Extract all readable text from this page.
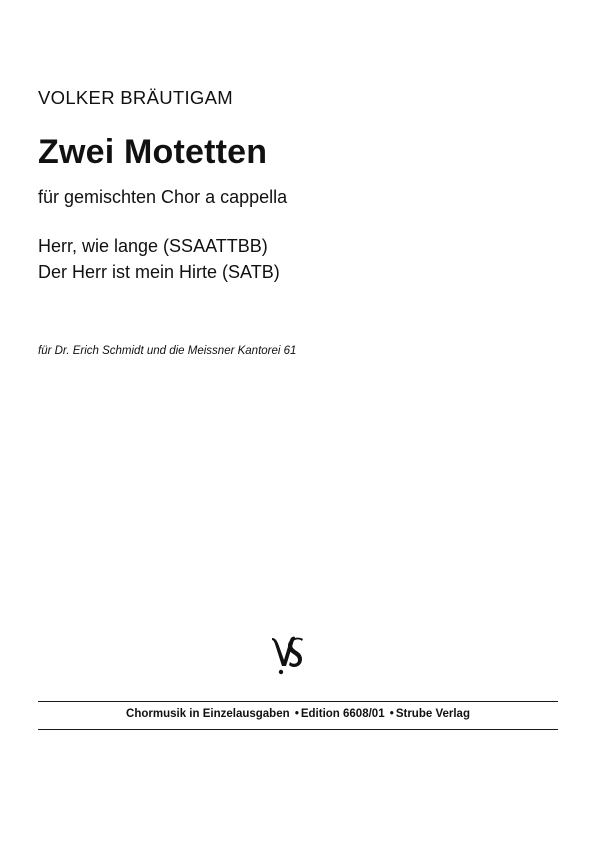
VOLKER BRÄUTIGAM
Zwei Motetten
für gemischten Chor a cappella
Herr, wie lange (SSAATTBB)
Der Herr ist mein Hirte (SATB)
für Dr. Erich Schmidt und die Meissner Kantorei 61
Chormusik in Einzelausgaben • Edition 6608/01 • Strube Verlag
